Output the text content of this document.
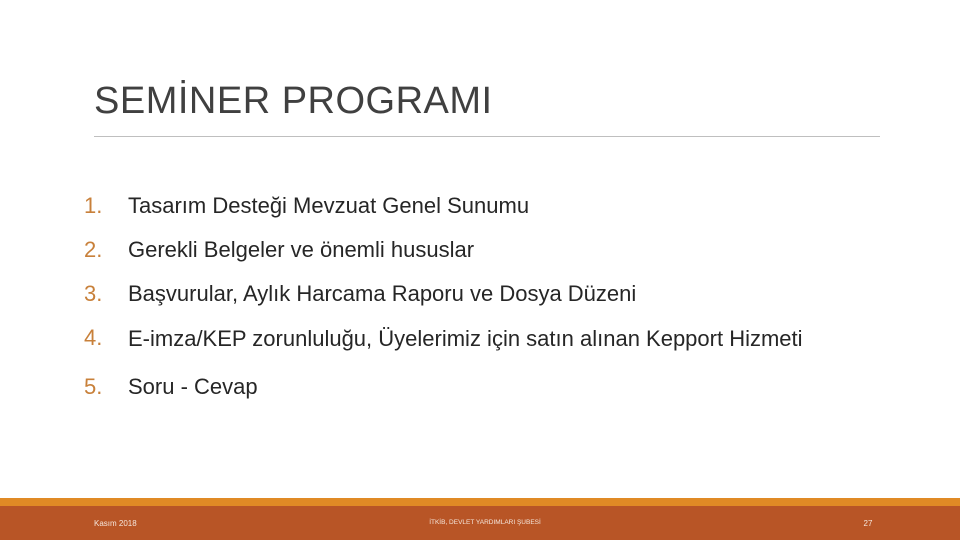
SEMİNER PROGRAMI
1.	Tasarım Desteği Mevzuat Genel Sunumu
2.	Gerekli Belgeler ve önemli hususlar
3.	Başvurular, Aylık Harcama Raporu ve Dosya Düzeni
4.	E-imza/KEP zorunluluğu, Üyelerimiz için satın alınan Kepport Hizmeti
5.	Soru - Cevap
Kasım 2018	İTKİB, DEVLET YARDIMLARI ŞUBESİ	27
